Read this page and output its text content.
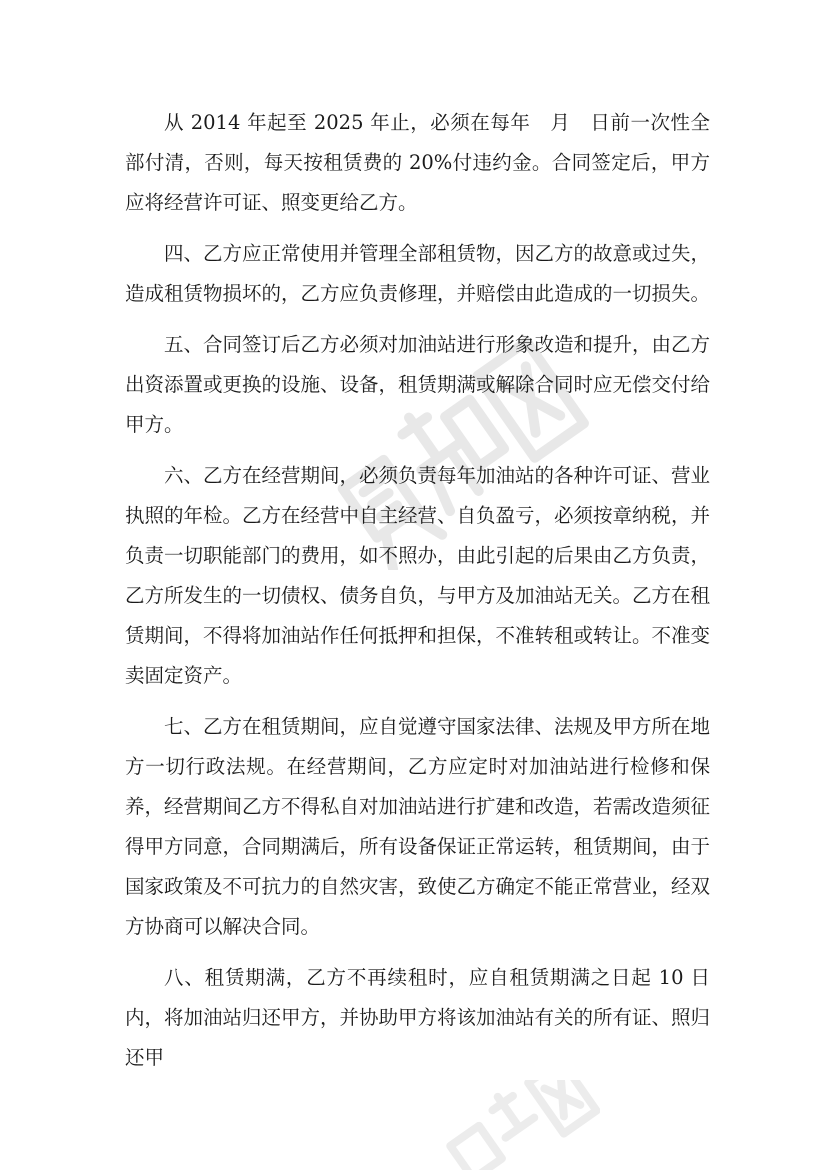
从 2014 年起至 2025 年止，必须在每年　月　日前一次性全部付清，否则，每天按租赁费的 20%付违约金。合同签定后，甲方应将经营许可证、照变更给乙方。

四、乙方应正常使用并管理全部租赁物，因乙方的故意或过失，造成租赁物损坏的，乙方应负责修理，并赔偿由此造成的一切损失。

五、合同签订后乙方必须对加油站进行形象改造和提升，由乙方出资添置或更换的设施、设备，租赁期满或解除合同时应无偿交付给甲方。

六、乙方在经营期间，必须负责每年加油站的各种许可证、营业执照的年检。乙方在经营中自主经营、自负盈亏，必须按章纳税，并负责一切职能部门的费用，如不照办，由此引起的后果由乙方负责，乙方所发生的一切债权、债务自负，与甲方及加油站无关。乙方在租赁期间，不得将加油站作任何抵押和担保，不准转租或转让。不准变卖固定资产。

七、乙方在租赁期间，应自觉遵守国家法律、法规及甲方所在地方一切行政法规。在经营期间，乙方应定时对加油站进行检修和保养，经营期间乙方不得私自对加油站进行扩建和改造，若需改造须征得甲方同意，合同期满后，所有设备保证正常运转，租赁期间，由于国家政策及不可抗力的自然灾害，致使乙方确定不能正常营业，经双方协商可以解决合同。

八、租赁期满，乙方不再续租时，应自租赁期满之日起 10 日内，将加油站归还甲方，并协助甲方将该加油站有关的所有证、照归还甲
